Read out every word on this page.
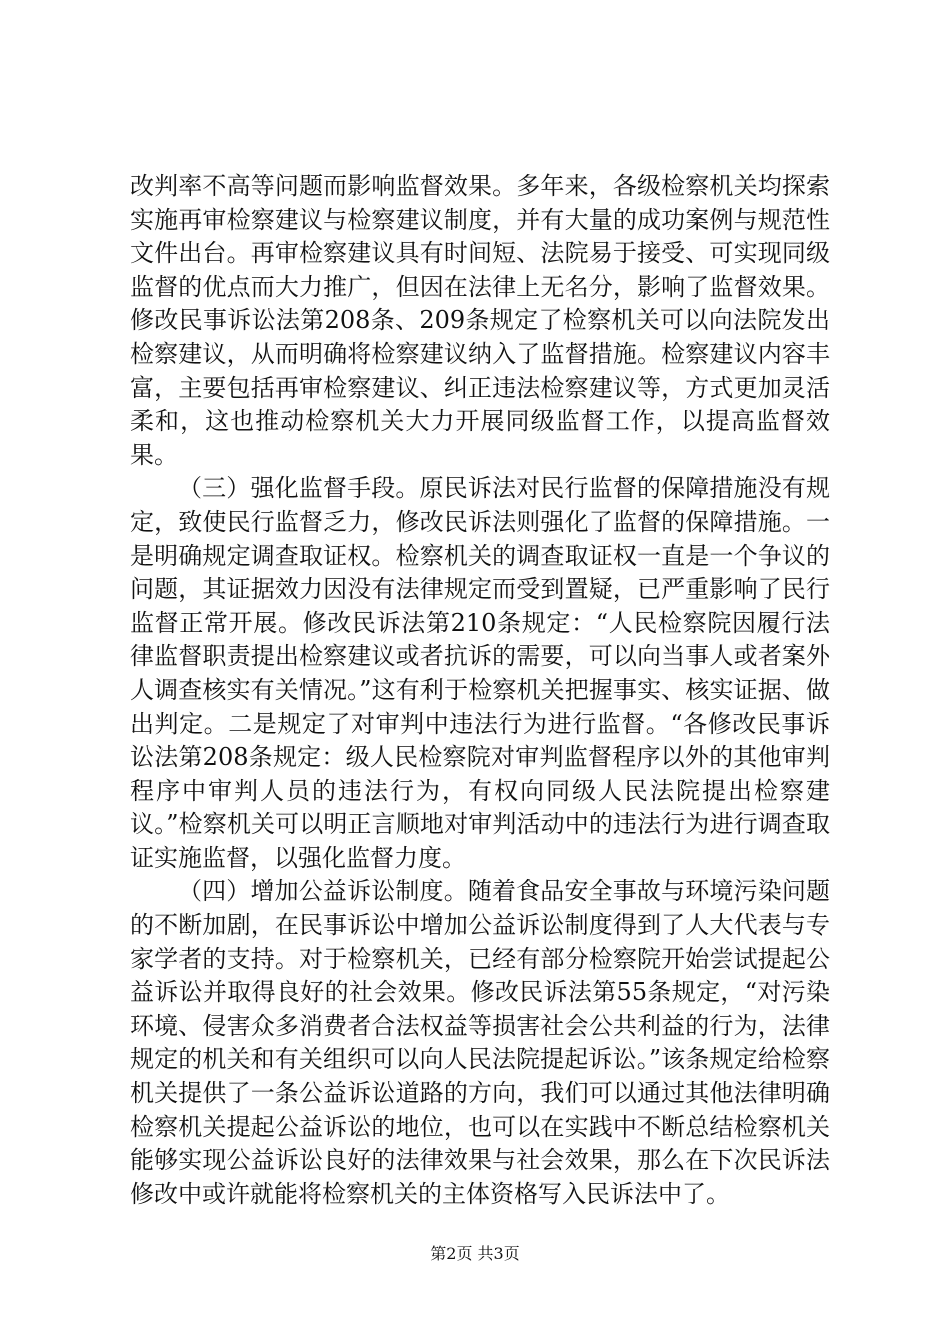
改判率不高等问题而影响监督效果。多年来，各级检察机关均探索实施再审检察建议与检察建议制度，并有大量的成功案例与规范性文件出台。再审检察建议具有时间短、法院易于接受、可实现同级监督的优点而大力推广，但因在法律上无名分，影响了监督效果。修改民事诉讼法第208条、209条规定了检察机关可以向法院发出检察建议，从而明确将检察建议纳入了监督措施。检察建议内容丰富，主要包括再审检察建议、纠正违法检察建议等，方式更加灵活柔和，这也推动检察机关大力开展同级监督工作，以提高监督效果。

（三）强化监督手段。原民诉法对民行监督的保障措施没有规定，致使民行监督乏力，修改民诉法则强化了监督的保障措施。一是明确规定调查取证权。检察机关的调查取证权一直是一个争议的问题，其证据效力因没有法律规定而受到置疑，已严重影响了民行监督正常开展。修改民诉法第210条规定：“人民检察院因履行法律监督职责提出检察建议或者抗诉的需要，可以向当事人或者案外人调查核实有关情况。”这有利于检察机关把握事实、核实证据、做出判定。二是规定了对审判中违法行为进行监督。“各修改民事诉讼法第208条规定：级人民检察院对审判监督程序以外的其他审判程序中审判人员的违法行为，有权向同级人民法院提出检察建议。”检察机关可以明正言顺地对审判活动中的违法行为进行调查取证实施监督，以强化监督力度。

（四）增加公益诉讼制度。随着食品安全事故与环境污染问题的不断加剧，在民事诉讼中增加公益诉讼制度得到了人大代表与专家学者的支持。对于检察机关，已经有部分检察院开始尝试提起公益诉讼并取得良好的社会效果。修改民诉法第55条规定，“对污染环境、侵害众多消费者合法权益等损害社会公共利益的行为，法律规定的机关和有关组织可以向人民法院提起诉讼。”该条规定给检察机关提供了一条公益诉讼道路的方向，我们可以通过其他法律明确检察机关提起公益诉讼的地位，也可以在实践中不断总结检察机关能够实现公益诉讼良好的法律效果与社会效果，那么在下次民诉法修改中或许就能将检察机关的主体资格写入民诉法中了。

第2页 共3页
